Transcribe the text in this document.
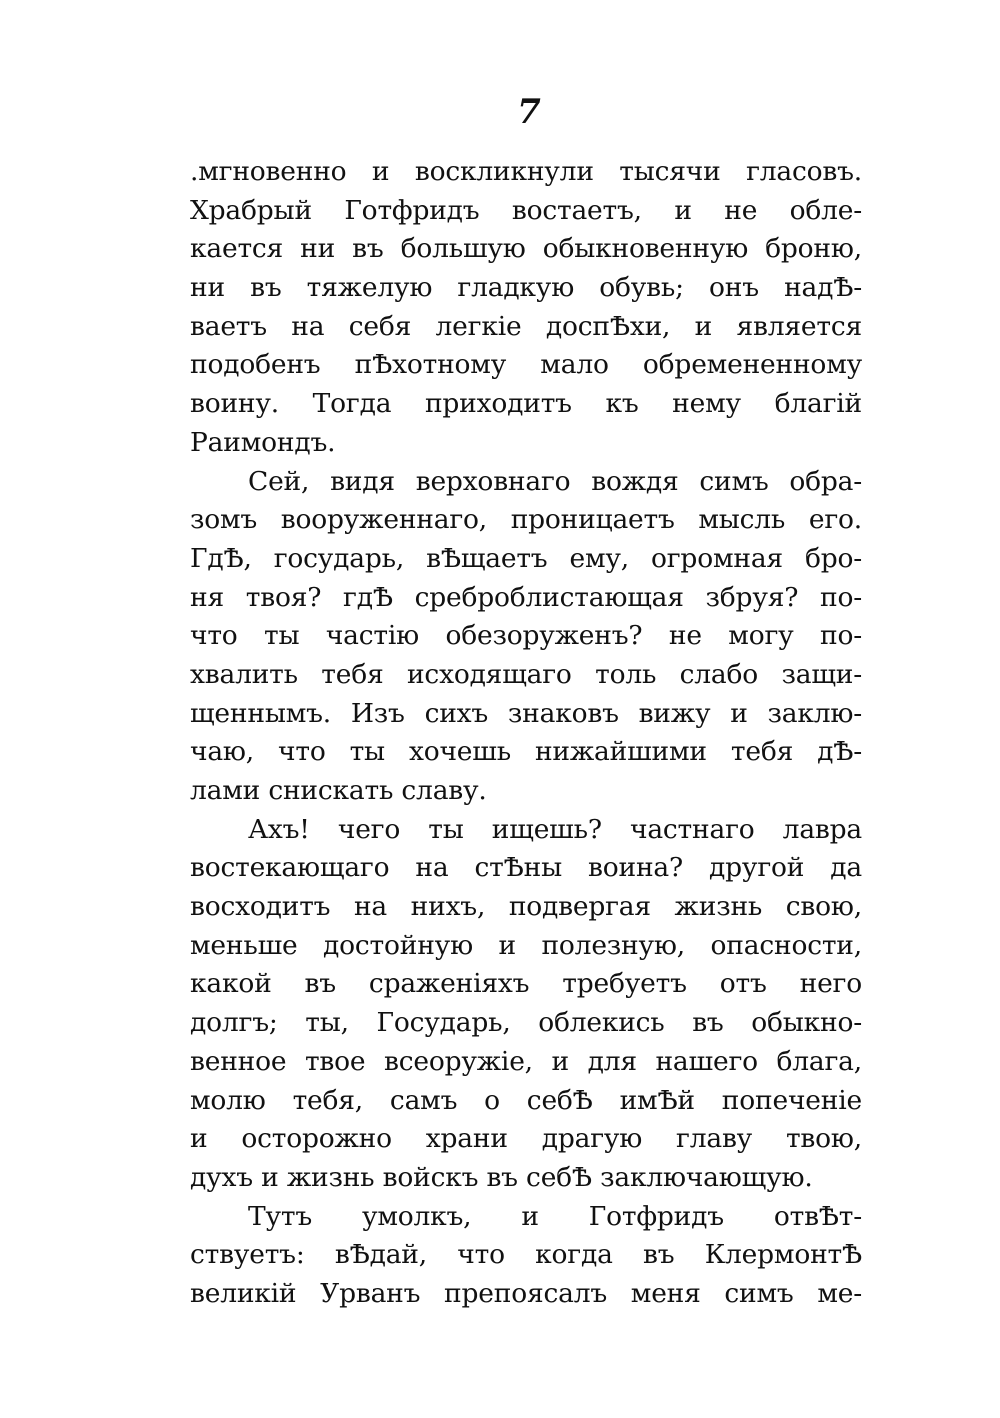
7
.мгновенно и воскликнули тысячи гласовъ.
Храбрый Готфридъ востаетъ, и не обле-
кается ни въ большую обыкновенную броню,
ни въ тяжелую гладкую обувь; онъ надѢ-
ваетъ на себя легкiе доспѢхи, и является
подобенъ пѢхотному мало обремененному
воину. Тогда приходитъ къ нему благiй
Раимондъ.
Сей, видя верховнаго вождя симъ обра-
зомъ вооруженнаго, проницаетъ мысль его.
ГдѢ, государь, вѢщаетъ ему, огромная бро-
ня твоя? гдѢ среброблистающая збруя? по-
что ты частiю обезоруженъ? не могу по-
хвалить тебя исходящаго толь слабо защи-
щеннымъ. Изъ сихъ знаковъ вижу и заклю-
чаю, что ты хочешь нижайшими тебя дѢ-
лами снискать славу.
Ахъ! чего ты ищешь? частнаго лавра
востекающаго на стѢны воина? другой да
восходитъ на нихъ, подвергая жизнь свою,
меньше достойную и полезную, опасности,
какой въ сраженiяхъ требуетъ отъ него
долгъ; ты, Государь, облекись въ обыкно-
венное твое всеоружiе, и для нашего блага,
молю тебя, самъ о себѢ имѢй попеченiе
и осторожно храни драгую главу твою,
духъ и жизнь войскъ въ себѢ заключающую.
Тутъ умолкъ, и Готфридъ отвѢт-
ствуетъ: вѢдай, что когда въ КлермонтѢ
великiй Урванъ препоясалъ меня симъ ме-
